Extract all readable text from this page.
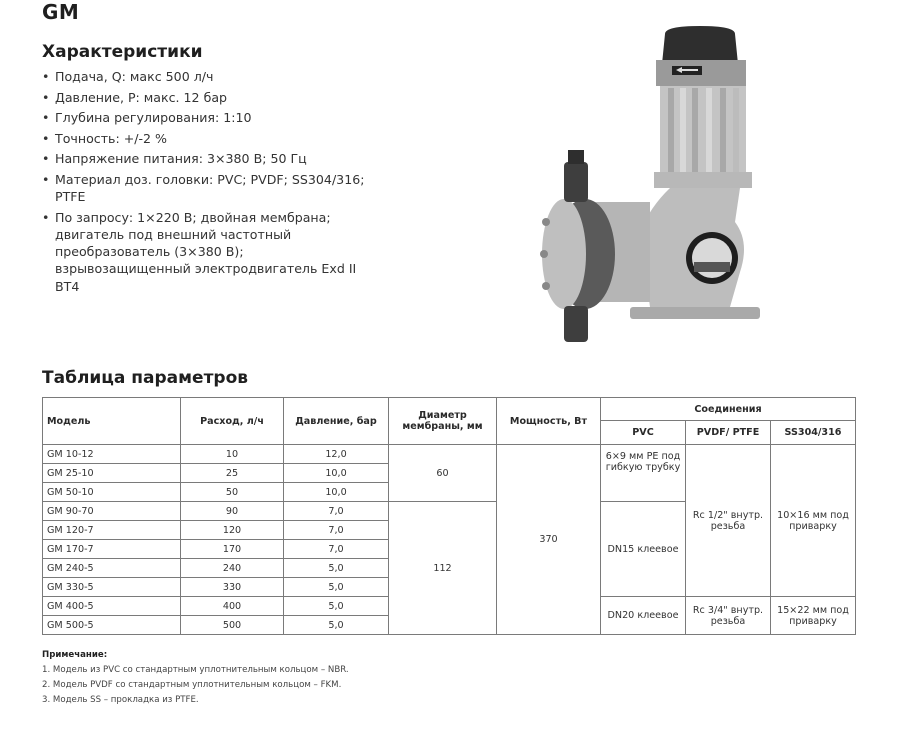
GM
Характеристики
• Подача, Q: макс 500 л/ч
• Давление, P: макс. 12 бар
• Глубина регулирования: 1:10
• Точность: +/-2 %
• Напряжение питания: 3×380 В; 50 Гц
• Материал доз. головки: PVC; PVDF; SS304/316; PTFE
• По запросу: 1×220 В; двойная мембрана; двигатель под внешний частотный преобразователь (3×380 В); взрывозащищенный электродвигатель Exd II BT4
Таблица параметров
Модель	Расход, л/ч	Давление, бар	Диаметр мембраны, мм	Мощность, Вт	Соединения		
					PVC	PVDF/ PTFE	SS304/316
GM 10-12	10	12,0	60	370	6×9 мм PE под гибкую трубку	Rc 1/2" внутр. резьба	10×16 мм под приварку
GM 25-10	25	10,0					
GM 50-10	50	10,0					
GM 90-70	90	7,0	112		DN15 клеевое		
GM 120-7	120	7,0					
GM 170-7	170	7,0					
GM 240-5	240	5,0					
GM 330-5	330	5,0					
GM 400-5	400	5,0			DN20 клеевое	Rc 3/4" внутр. резьба	15×22 мм под приварку
GM 500-5	500	5,0					
Примечание:
1. Модель из PVC со стандартным уплотнительным кольцом – NBR.
2. Модель PVDF со стандартным уплотнительным кольцом – FKM.
3. Модель SS – прокладка из PTFE.
